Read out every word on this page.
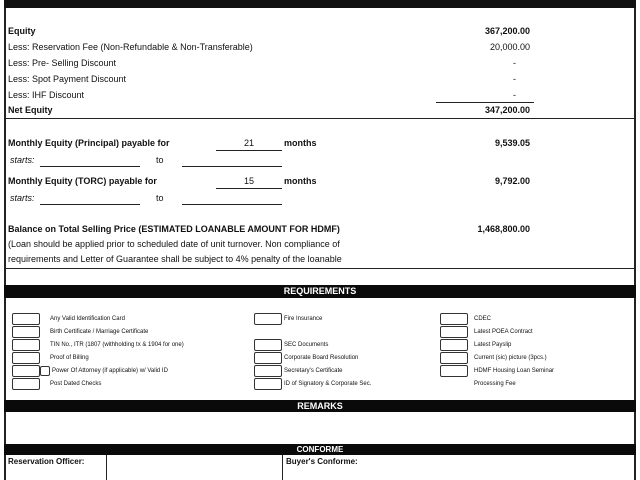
Equity	367,200.00
Less: Reservation Fee (Non-Refundable & Non-Transferable)	20,000.00
Less: Pre- Selling Discount	-
Less: Spot Payment Discount	-
Less: IHF Discount	-
Net Equity	347,200.00
Monthly Equity (Principal) payable for	21	months	9,539.05
starts:	to
Monthly Equity (TORC) payable for	15	months	9,792.00
starts:	to
Balance on Total Selling Price (ESTIMATED LOANABLE AMOUNT FOR HDMF)	1,468,800.00
(Loan should be applied prior to scheduled date of unit turnover. Non compliance of
requirements and Letter of Guarantee shall be subject to 4% penalty of the loanable
REQUIREMENTS
Any Valid Identification Card
Birth Certificate / Marriage Certificate
TIN No., ITR (1807 (withholding tx & 1904 for one)
Proof of Billing
Power Of Attorney (if applicable) w/ Valid ID
Post Dated Checks
Fire Insurance
SEC Documents
Corporate Board Resolution
Secretary's Certificate
ID of Signatory & Corporate Sec.
CDEC
Latest POEA Contract
Latest Payslip
Current (sic) picture (3pcs.)
HDMF Housing Loan Seminar
Processing Fee
REMARKS
CONFORME
Reservation Officer:	Buyer's Conforme:
